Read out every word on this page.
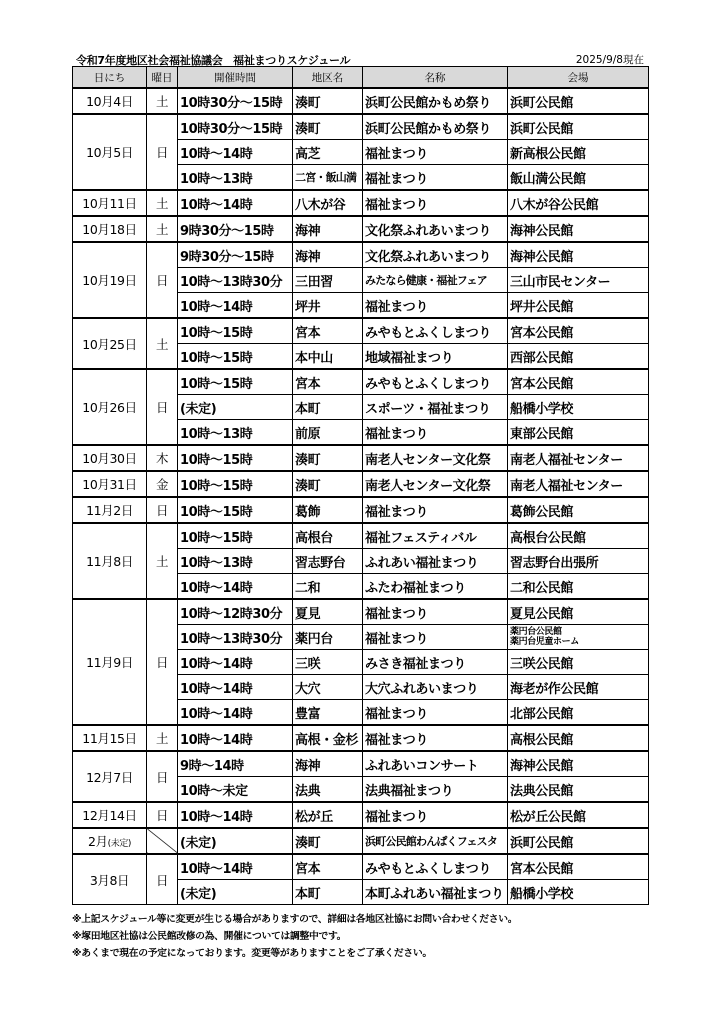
令和7年度地区社会福祉協議会　福祉まつりスケジュール	2025/9/8現在
日にち	曜日	開催時間	地区名	名称	会場
10月4日	土	10時30分～15時	湊町	浜町公民館かもめ祭り	浜町公民館
10月5日	日	10時30分～15時	湊町	浜町公民館かもめ祭り	浜町公民館
		10時～14時	高芝	福祉まつり	新高根公民館
		10時～13時	二宮・飯山満	福祉まつり	飯山満公民館
10月11日	土	10時～14時	八木が谷	福祉まつり	八木が谷公民館
10月18日	土	9時30分～15時	海神	文化祭ふれあいまつり	海神公民館
10月19日	日	9時30分～15時	海神	文化祭ふれあいまつり	海神公民館
		10時～13時30分	三田習	みたなら健康・福祉フェア	三山市民センター
		10時～14時	坪井	福祉まつり	坪井公民館
10月25日	土	10時～15時	宮本	みやもとふくしまつり	宮本公民館
		10時～15時	本中山	地域福祉まつり	西部公民館
10月26日	日	10時～15時	宮本	みやもとふくしまつり	宮本公民館
		(未定)	本町	スポーツ・福祉まつり	船橋小学校
		10時～13時	前原	福祉まつり	東部公民館
10月30日	木	10時～15時	湊町	南老人センター文化祭	南老人福祉センター
10月31日	金	10時～15時	湊町	南老人センター文化祭	南老人福祉センター
11月2日	日	10時～15時	葛飾	福祉まつり	葛飾公民館
11月8日	土	10時～15時	高根台	福祉フェスティバル	高根台公民館
		10時～13時	習志野台	ふれあい福祉まつり	習志野台出張所
		10時～14時	二和	ふたわ福祉まつり	二和公民館
11月9日	日	10時～12時30分	夏見	福祉まつり	夏見公民館
		10時～13時30分	薬円台	福祉まつり	薬円台公民館
薬円台児童ホーム
		10時～14時	三咲	みさき福祉まつり	三咲公民館
		10時～14時	大穴	大穴ふれあいまつり	海老が作公民館
		10時～14時	豊富	福祉まつり	北部公民館
11月15日	土	10時～14時	高根・金杉	福祉まつり	高根公民館
12月7日	日	9時～14時	海神	ふれあいコンサート	海神公民館
		10時～未定	法典	法典福祉まつり	法典公民館
12月14日	日	10時～14時	松が丘	福祉まつり	松が丘公民館
2月(未定)		(未定)	湊町	浜町公民館わんぱくフェスタ	浜町公民館
3月8日	日	10時～14時	宮本	みやもとふくしまつり	宮本公民館
		(未定)	本町	本町ふれあい福祉まつり	船橋小学校
※上記スケジュール等に変更が生じる場合がありますので、詳細は各地区社協にお問い合わせください。
※塚田地区社協は公民館改修の為、開催については調整中です。
※あくまで現在の予定になっております。変更等がありますことをご了承ください。
